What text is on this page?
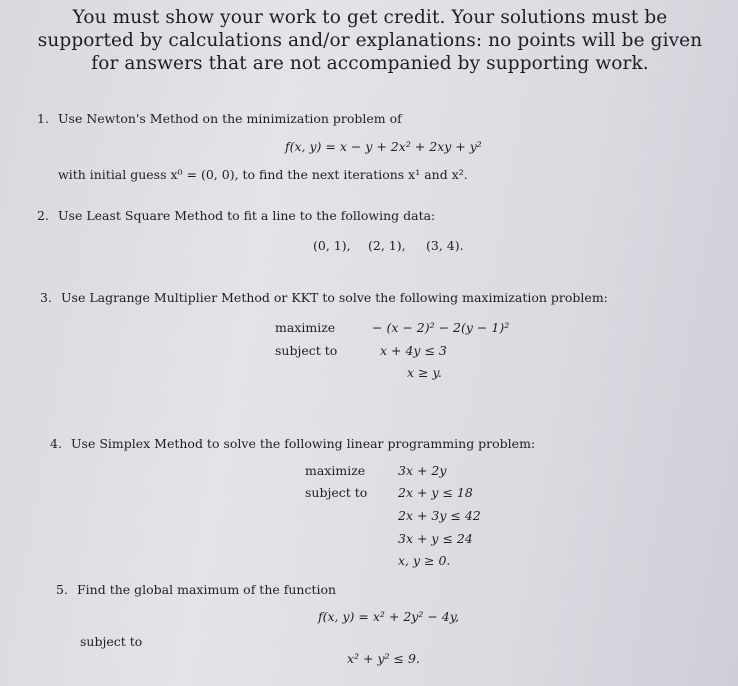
You must show your work to get credit. Your solutions must be
supported by calculations and/or explanations: no points will be given
for answers that are not accompanied by supporting work.
1. Use Newton's Method on the minimization problem of
f(x, y) = x − y + 2x² + 2xy + y²
with initial guess x⁰ = (0, 0), to find the next iterations x¹ and x².
2. Use Least Square Method to fit a line to the following data:
(0, 1), (2, 1), (3, 4).
3. Use Lagrange Multiplier Method or KKT to solve the following maximization problem:
maximize	− (x − 2)² − 2(y − 1)²
subject to	x + 4y ≤ 3
x ≥ y.
4. Use Simplex Method to solve the following linear programming problem:
maximize	3x + 2y
subject to 2x + y ≤ 18
2x + 3y ≤ 42
3x + y ≤ 24
x, y ≥ 0.
5. Find the global maximum of the function
f(x, y) = x² + 2y² − 4y,
subject to
x² + y² ≤ 9.
